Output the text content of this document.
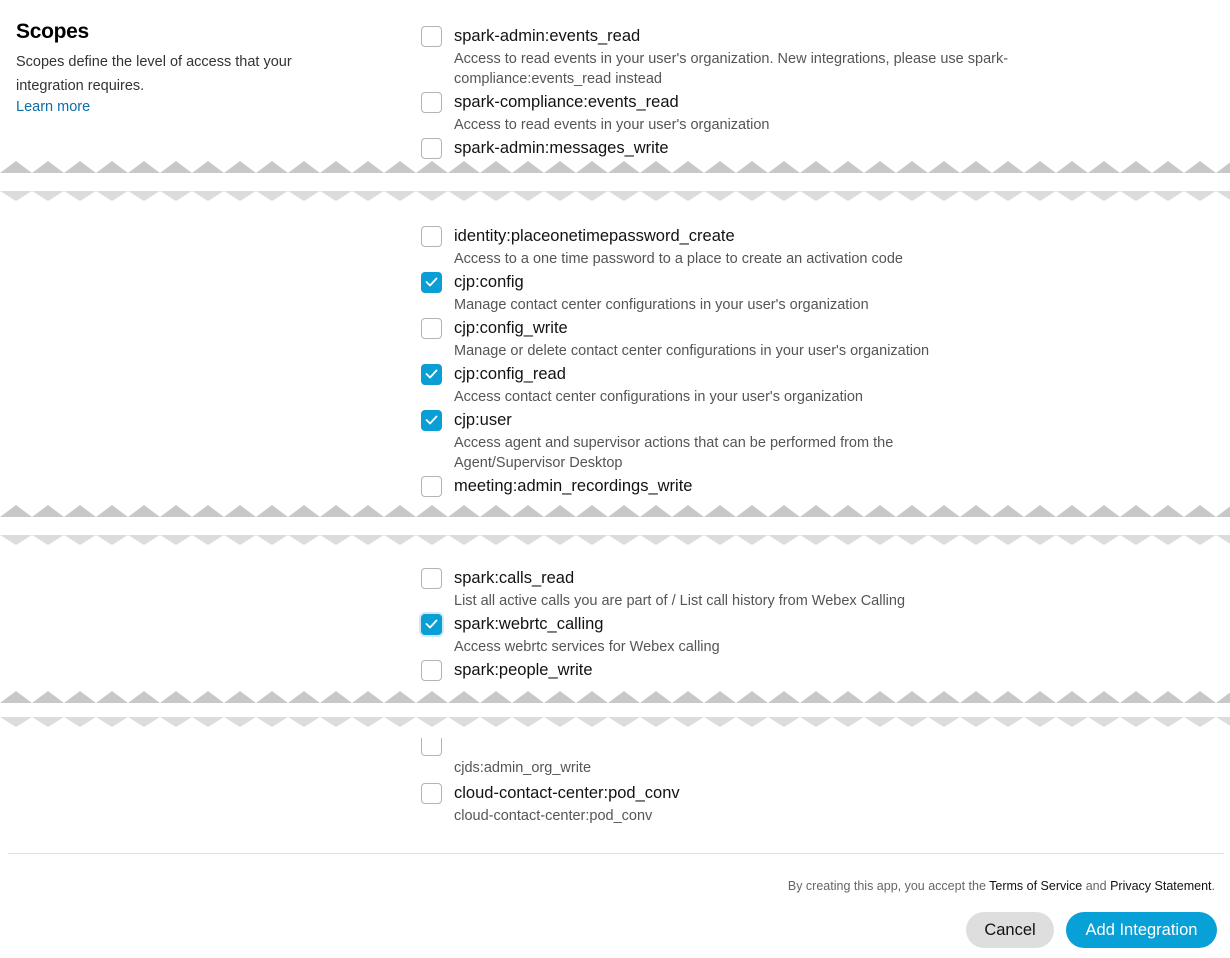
Scopes
Scopes define the level of access that your integration requires.
Learn more
spark-admin:events_read
Access to read events in your user's organization. New integrations, please use spark-compliance:events_read instead
spark-compliance:events_read
Access to read events in your user's organization
spark-admin:messages_write
identity:placeonetimepassword_create
Access to a one time password to a place to create an activation code
cjp:config
Manage contact center configurations in your user's organization
cjp:config_write
Manage or delete contact center configurations in your user's organization
cjp:config_read
Access contact center configurations in your user's organization
cjp:user
Access agent and supervisor actions that can be performed from the Agent/Supervisor Desktop
meeting:admin_recordings_write
spark:calls_read
List all active calls you are part of / List call history from Webex Calling
spark:webrtc_calling
Access webrtc services for Webex calling
spark:people_write
cjds:admin_org_write
cloud-contact-center:pod_conv
cloud-contact-center:pod_conv
By creating this app, you accept the Terms of Service and Privacy Statement.
Cancel	Add Integration
